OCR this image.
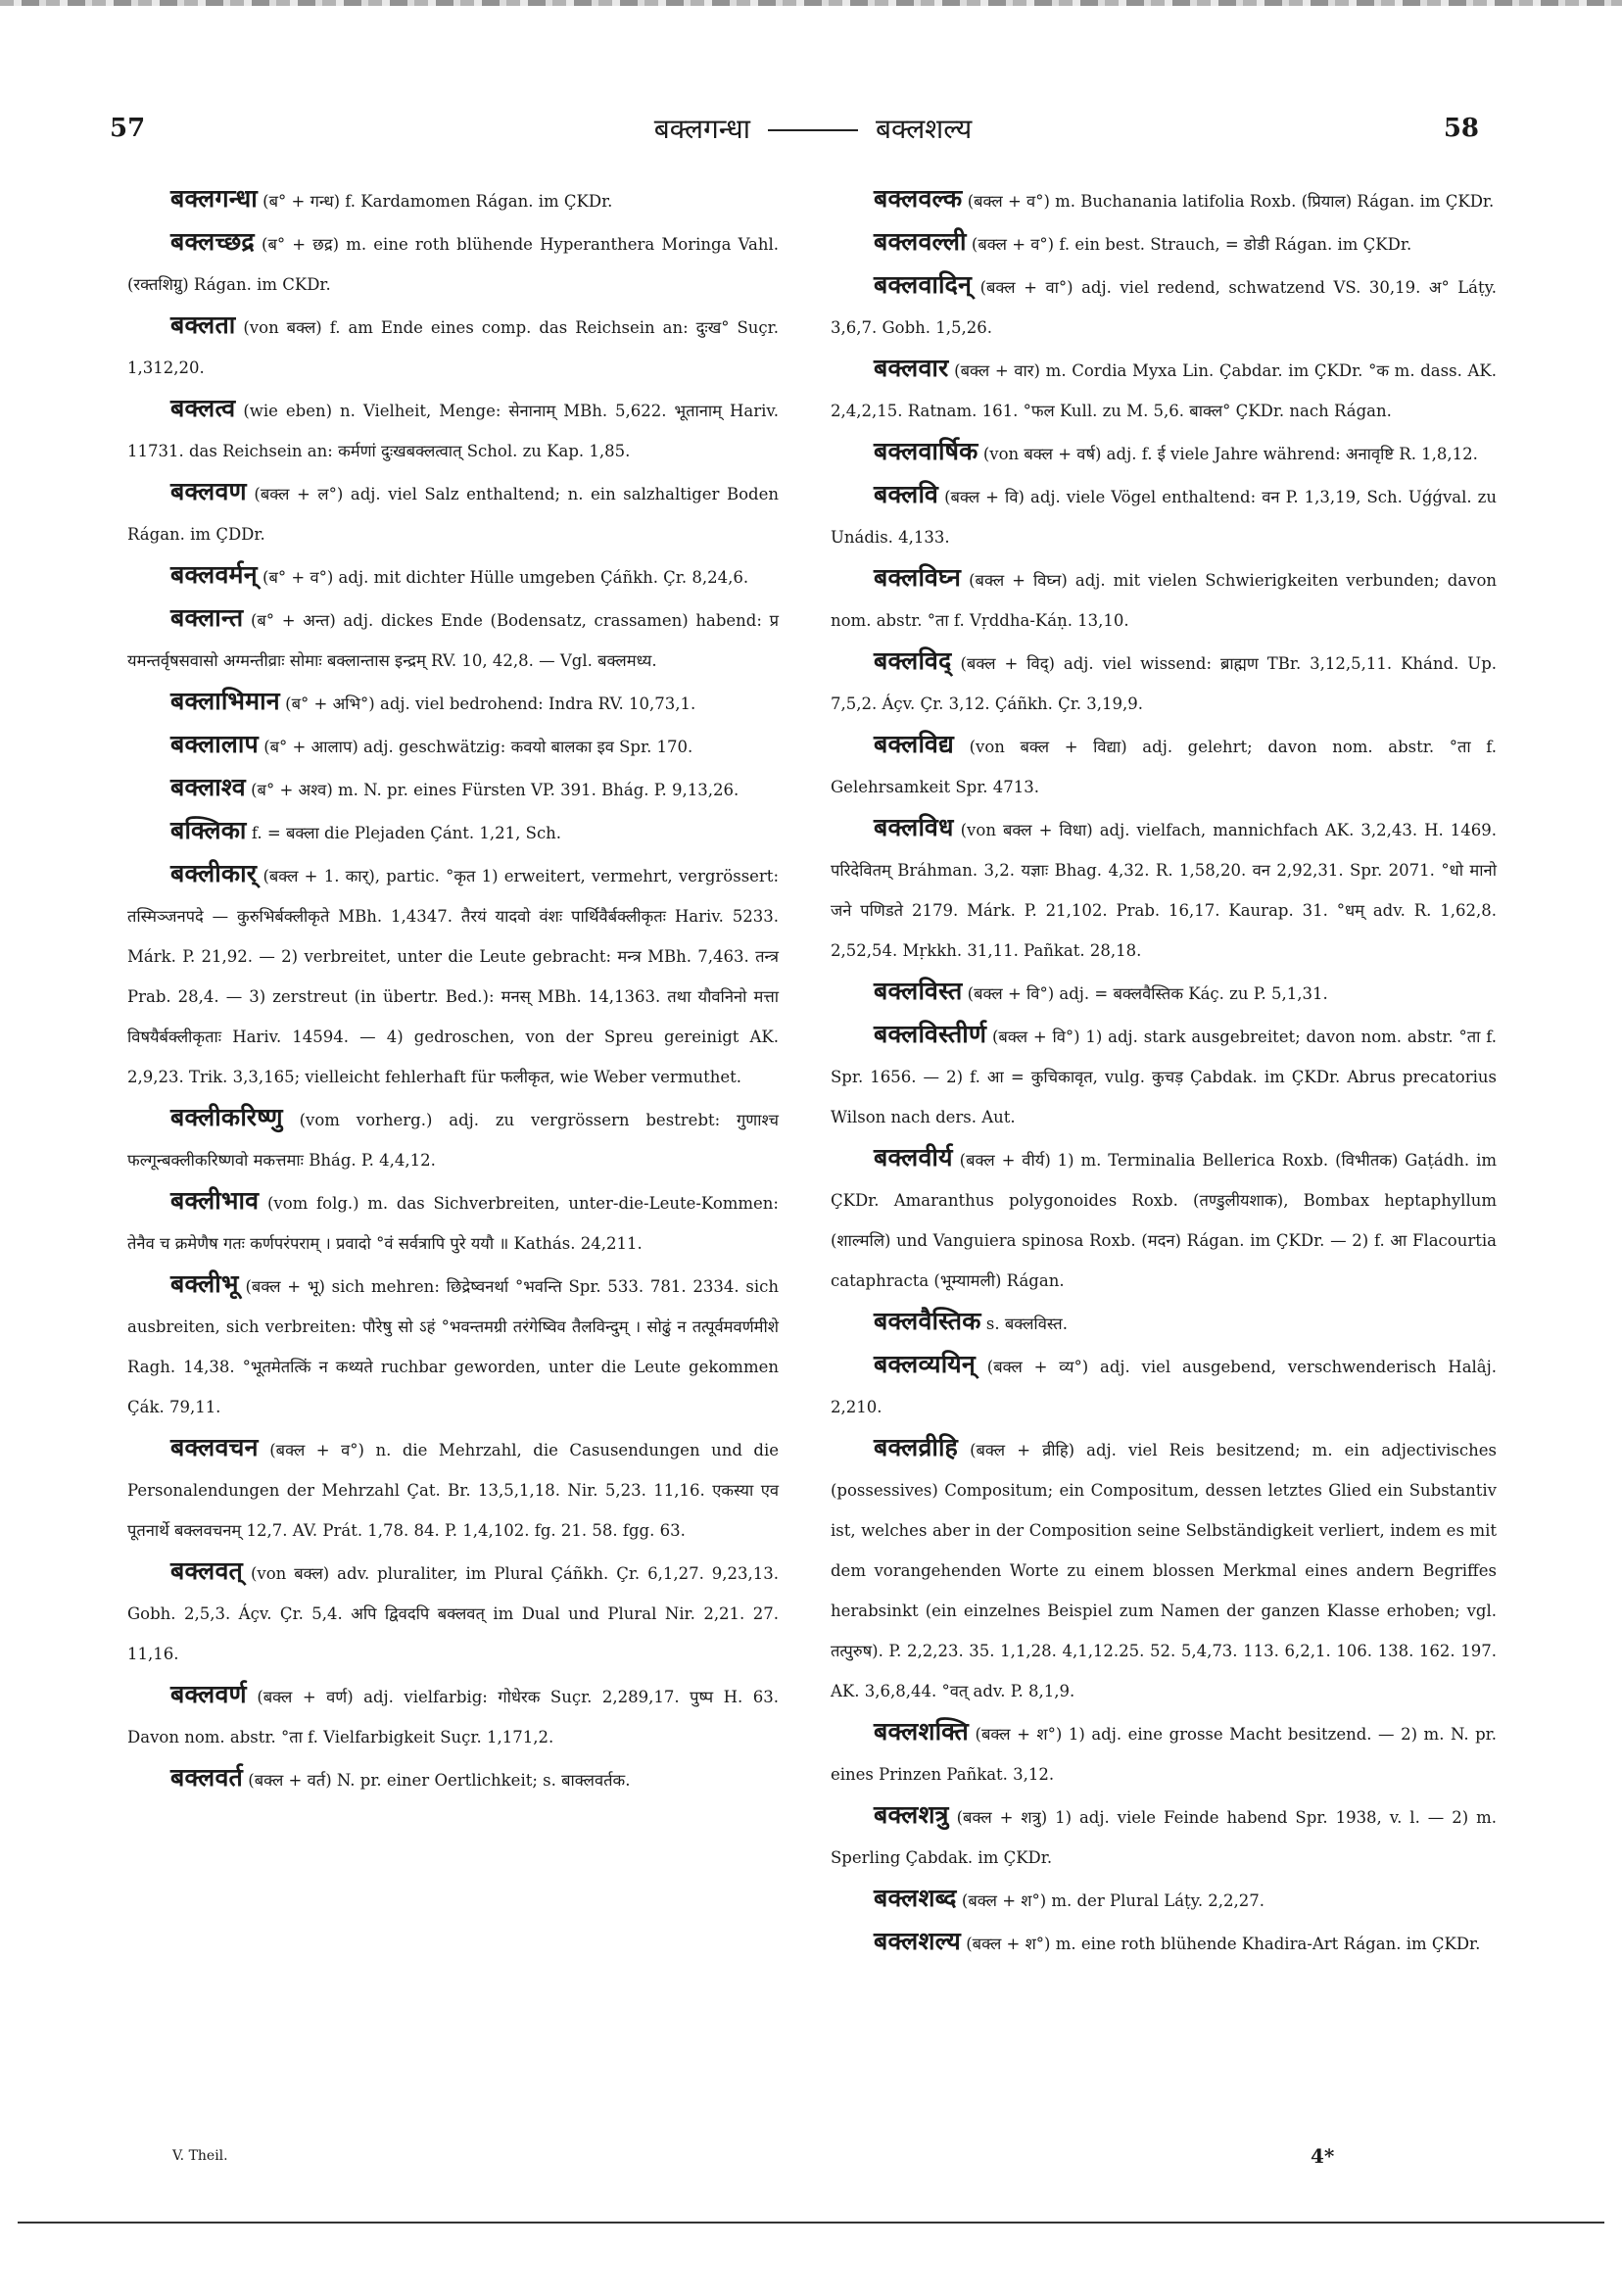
57	बक्लगन्धा	बक्लशल्य	58

बक्लगन्धा (ब° + गन्ध) f. Kardamomen Rágan. im ÇKDr.

बक्लच्छद्र (ब° + छद्र) m. eine roth blühende Hyperanthera Moringa Vahl. (रक्तशिग्रु) Rágan. im CKDr.

बक्लता (von बक्ल) f. am Ende eines comp. das Reichsein an: दुःख° Suçr. 1,312,20.

बक्लत्व (wie eben) n. Vielheit, Menge: सेनानाम् MBh. 5,622. भूतानाम् Hariv. 11731. das Reichsein an: कर्मणां दुःखबक्लत्वात् Schol. zu Kap. 1,85.

बक्लवण (बक्ल + ल°) adj. viel Salz enthaltend; n. ein salzhaltiger Boden Rágan. im ÇDDr.

बक्लवर्मन् (ब° + व°) adj. mit dichter Hülle umgeben Çáñkh. Çr. 8,24,6.

बक्लान्त (ब° + अन्त) adj. dickes Ende (Bodensatz, crassamen) habend: प्र यमन्तर्वृषसवासो अग्मन्तीव्राः सोमाः बक्लान्तास इन्द्रम् RV. 10, 42,8. — Vgl. बक्लमध्य.

बक्लाभिमान (ब° + अभि°) adj. viel bedrohend: Indra RV. 10,73,1.

बक्लालाप (ब° + आलाप) adj. geschwätzig: कवयो बालका इव Spr. 170.

बक्लाश्व (ब° + अश्व) m. N. pr. eines Fürsten VP. 391. Bhág. P. 9,13,26.

बक्लिका f. = बक्ला die Plejaden Çánt. 1,21, Sch.

बक्लीकार् (बक्ल + 1. कार्), partic. °कृत 1) erweitert, vermehrt, vergrössert: तस्मिञ्जनपदे — कुरुभिर्बक्लीकृते MBh. 1,4347. तैरयं यादवो वंशः पार्थिवैर्बक्लीकृतः Hariv. 5233. Márk. P. 21,92. — 2) verbreitet, unter die Leute gebracht: मन्त्र MBh. 7,463. तन्त्र Prab. 28,4. — 3) zerstreut (in übertr. Bed.): मनस् MBh. 14,1363. तथा यौवनिनो मत्ता विषयैर्बक्लीकृताः Hariv. 14594. — 4) gedroschen, von der Spreu gereinigt AK. 2,9,23. Trik. 3,3,165; vielleicht fehlerhaft für फलीकृत, wie Weber vermuthet.

बक्लीकरिष्णु (vom vorherg.) adj. zu vergrössern bestrebt: गुणाश्च फल्गून्बक्लीकरिष्णवो मकत्तमाः Bhág. P. 4,4,12.

बक्लीभाव (vom folg.) m. das Sichverbreiten, unter-die-Leute-Kommen: तेनैव च क्रमेणैष गतः कर्णपरंपराम् । प्रवादो °वं सर्वत्रापि पुरे ययौ ॥ Kathás. 24,211.

बक्लीभू (बक्ल + भू) sich mehren: छिद्रेष्वनर्था °भवन्ति Spr. 533. 781. 2334. sich ausbreiten, sich verbreiten: पौरेषु सो ऽहं °भवन्तमग्री तरंगेष्विव तैलविन्दुम् । सोढुं न तत्पूर्वमवर्णमीशे Ragh. 14,38. °भूतमेतत्किं न कथ्यते ruchbar geworden, unter die Leute gekommen Çák. 79,11.

बक्लवचन (बक्ल + व°) n. die Mehrzahl, die Casusendungen und die Personalendungen der Mehrzahl Çat. Br. 13,5,1,18. Nir. 5,23. 11,16. एकस्या एव पूतनार्थे बक्लवचनम् 12,7. AV. Prát. 1,78. 84. P. 1,4,102. fg. 21. 58. fgg. 63.

बक्लवत् (von बक्ल) adv. pluraliter, im Plural Çáñkh. Çr. 6,1,27. 9,23,13. Gobh. 2,5,3. Áçv. Çr. 5,4. अपि द्विवदपि बक्लवत् im Dual und Plural Nir. 2,21. 27. 11,16.

बक्लवर्ण (बक्ल + वर्ण) adj. vielfarbig: गोधेरक Suçr. 2,289,17. पुष्प H. 63. Davon nom. abstr. °ता f. Vielfarbigkeit Suçr. 1,171,2.

बक्लवर्त (बक्ल + वर्त) N. pr. einer Oertlichkeit; s. बाक्लवर्तक.

बक्लवल्क (बक्ल + व°) m. Buchanania latifolia Roxb. (प्रियाल) Rágan. im ÇKDr.

बक्लवल्ली (बक्ल + व°) f. ein best. Strauch, = डोडी Rágan. im ÇKDr.

बक्लवादिन् (बक्ल + वा°) adj. viel redend, schwatzend VS. 30,19. अ° Láṭy. 3,6,7. Gobh. 1,5,26.

बक्लवार (बक्ल + वार) m. Cordia Myxa Lin. Çabdar. im ÇKDr. °क m. dass. AK. 2,4,2,15. Ratnam. 161. °फल Kull. zu M. 5,6. बाक्ल° ÇKDr. nach Rágan.

बक्लवार्षिक (von बक्ल + वर्ष) adj. f. ई viele Jahre während: अनावृष्टि R. 1,8,12.

बक्लवि (बक्ल + वि) adj. viele Vögel enthaltend: वन P. 1,3,19, Sch. Uǵǵval. zu Unádis. 4,133.

बक्लविघ्न (बक्ल + विघ्न) adj. mit vielen Schwierigkeiten verbunden; davon nom. abstr. °ता f. Vṛddha-Káṇ. 13,10.

बक्लविद् (बक्ल + विद्) adj. viel wissend: ब्राह्मण TBr. 3,12,5,11. Khánd. Up. 7,5,2. Áçv. Çr. 3,12. Çáñkh. Çr. 3,19,9.

बक्लविद्य (von बक्ल + विद्या) adj. gelehrt; davon nom. abstr. °ता f. Gelehrsamkeit Spr. 4713.

बक्लविध (von बक्ल + विधा) adj. vielfach, mannichfach AK. 3,2,43. H. 1469. परिदेवितम् Bráhman. 3,2. यज्ञाः Bhag. 4,32. R. 1,58,20. वन 2,92,31. Spr. 2071. °धो मानो जने पणिडते 2179. Márk. P. 21,102. Prab. 16,17. Kaurap. 31. °धम् adv. R. 1,62,8. 2,52,54. Mṛkkh. 31,11. Pañkat. 28,18.

बक्लविस्त (बक्ल + वि°) adj. = बक्लवैस्तिक Káç. zu P. 5,1,31.

बक्लविस्तीर्ण (बक्ल + वि°) 1) adj. stark ausgebreitet; davon nom. abstr. °ता f. Spr. 1656. — 2) f. आ = कुचिकावृत, vulg. कुचड़ Çabdak. im ÇKDr. Abrus precatorius Wilson nach ders. Aut.

बक्लवीर्य (बक्ल + वीर्य) 1) m. Terminalia Bellerica Roxb. (विभीतक) Gaṭádh. im ÇKDr. Amaranthus polygonoides Roxb. (तण्डुलीयशाक), Bombax heptaphyllum (शाल्मलि) und Vanguiera spinosa Roxb. (मदन) Rágan. im ÇKDr. — 2) f. आ Flacourtia cataphracta (भूम्यामली) Rágan.

बक्लवैस्तिक s. बक्लविस्त.

बक्लव्ययिन् (बक्ल + व्य°) adj. viel ausgebend, verschwenderisch Halâj. 2,210.

बक्लव्रीहि (बक्ल + व्रीहि) adj. viel Reis besitzend; m. ein adjectivisches (possessives) Compositum; ein Compositum, dessen letztes Glied ein Substantiv ist, welches aber in der Composition seine Selbständigkeit verliert, indem es mit dem vorangehenden Worte zu einem blossen Merkmal eines andern Begriffes herabsinkt (ein einzelnes Beispiel zum Namen der ganzen Klasse erhoben; vgl. तत्पुरुष). P. 2,2,23. 35. 1,1,28. 4,1,12.25. 52. 5,4,73. 113. 6,2,1. 106. 138. 162. 197. AK. 3,6,8,44. °वत् adv. P. 8,1,9.

बक्लशक्ति (बक्ल + श°) 1) adj. eine grosse Macht besitzend. — 2) m. N. pr. eines Prinzen Pañkat. 3,12.

बक्लशत्रु (बक्ल + शत्रु) 1) adj. viele Feinde habend Spr. 1938, v. l. — 2) m. Sperling Çabdak. im ÇKDr.

बक्लशब्द (बक्ल + श°) m. der Plural Láṭy. 2,2,27.

बक्लशल्य (बक्ल + श°) m. eine roth blühende Khadira-Art Rágan. im ÇKDr.

V. Theil.	4*
